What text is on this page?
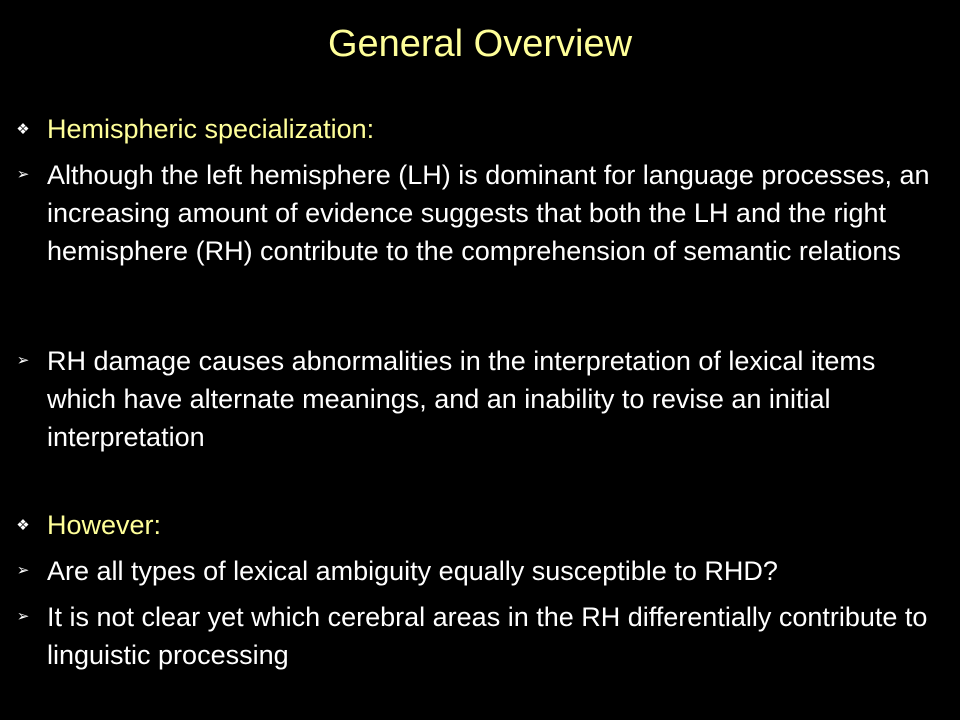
General Overview
❖ Hemispheric specialization:
➢ Although the left hemisphere (LH) is dominant for language processes, an increasing amount of evidence suggests that both the LH and the right hemisphere (RH) contribute to the comprehension of semantic relations
➢ RH damage causes abnormalities in the interpretation of lexical items which have alternate meanings, and an inability to revise an initial interpretation
❖ However:
➢ Are all types of lexical ambiguity equally susceptible to RHD?
➢ It is not clear yet which cerebral areas in the RH differentially contribute to linguistic processing
